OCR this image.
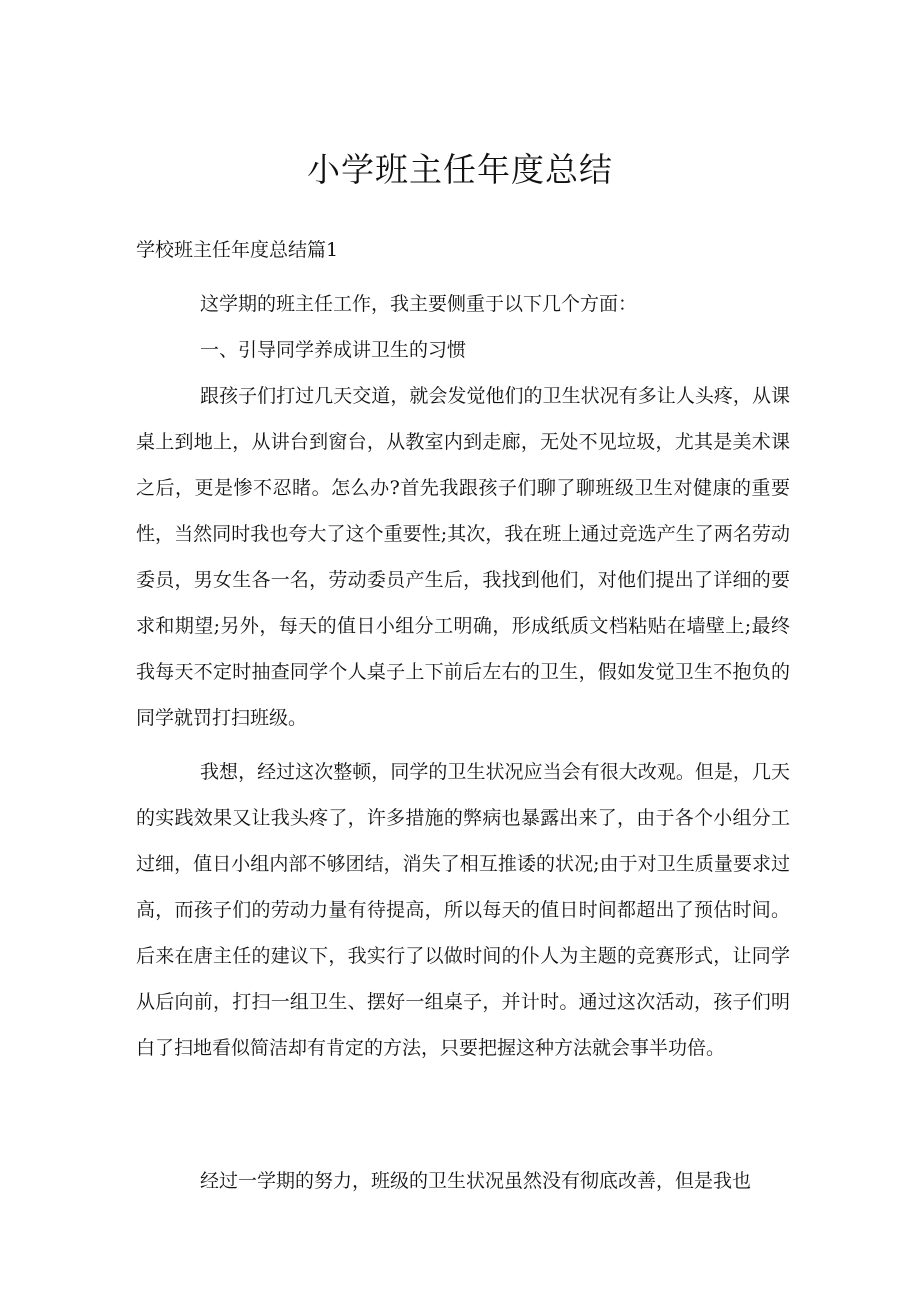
小学班主任年度总结

学校班主任年度总结篇1

这学期的班主任工作，我主要侧重于以下几个方面：

一、引导同学养成讲卫生的习惯

跟孩子们打过几天交道，就会发觉他们的卫生状况有多让人头疼，从课桌上到地上，从讲台到窗台，从教室内到走廊，无处不见垃圾，尤其是美术课之后，更是惨不忍睹。怎么办?首先我跟孩子们聊了聊班级卫生对健康的重要性，当然同时我也夸大了这个重要性;其次，我在班上通过竞选产生了两名劳动委员，男女生各一名，劳动委员产生后，我找到他们，对他们提出了详细的要求和期望;另外，每天的值日小组分工明确，形成纸质文档粘贴在墙壁上;最终我每天不定时抽查同学个人桌子上下前后左右的卫生，假如发觉卫生不抱负的同学就罚打扫班级。

我想，经过这次整顿，同学的卫生状况应当会有很大改观。但是，几天的实践效果又让我头疼了，许多措施的弊病也暴露出来了，由于各个小组分工过细，值日小组内部不够团结，消失了相互推诿的状况;由于对卫生质量要求过高，而孩子们的劳动力量有待提高，所以每天的值日时间都超出了预估时间。后来在唐主任的建议下，我实行了以做时间的仆人为主题的竞赛形式，让同学从后向前，打扫一组卫生、摆好一组桌子，并计时。通过这次活动，孩子们明白了扫地看似简洁却有肯定的方法，只要把握这种方法就会事半功倍。

经过一学期的努力，班级的卫生状况虽然没有彻底改善，但是我也
